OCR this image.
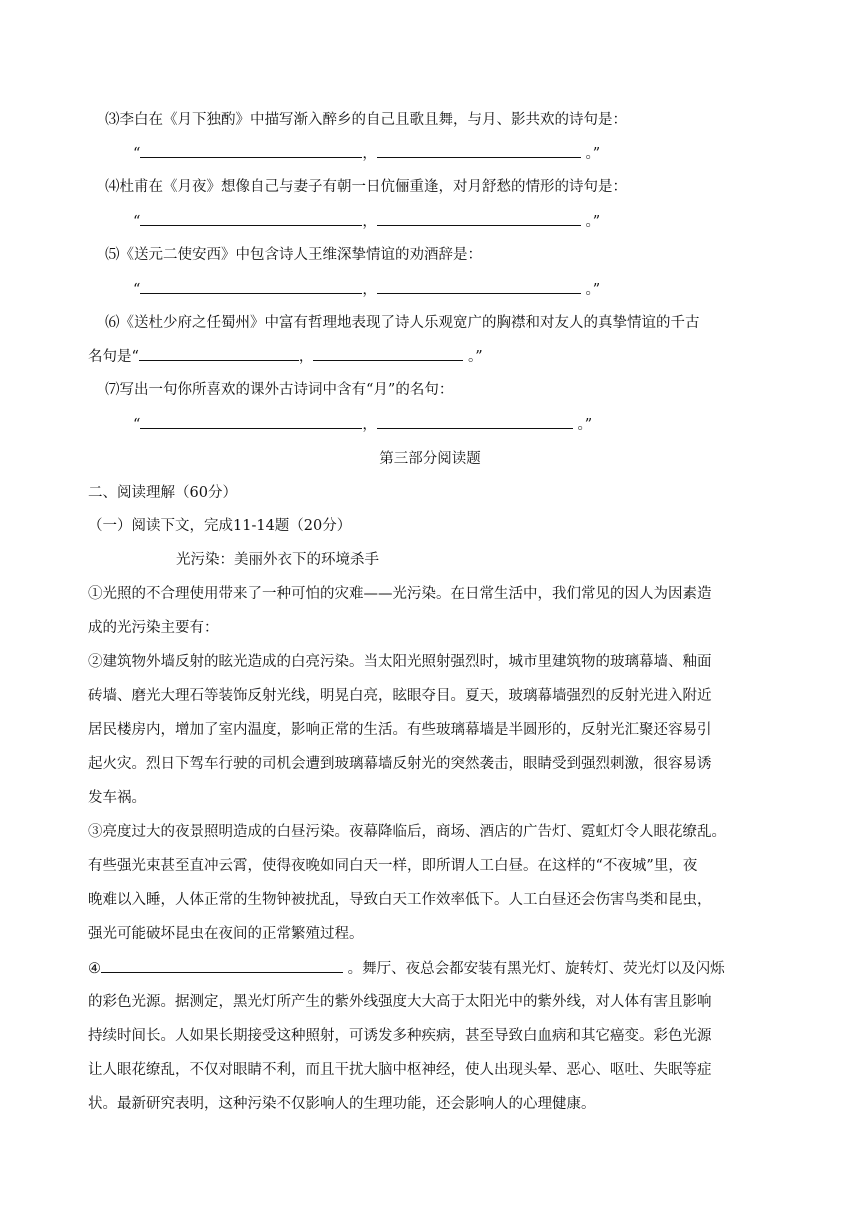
⑶李白在《月下独酌》中描写渐入醉乡的自己且歌且舞，与月、影共欢的诗句是：
“	，	。”
⑷杜甫在《月夜》想像自己与妻子有朝一日伉俪重逢，对月舒愁的情形的诗句是：
“	，	。”
⑸《送元二使安西》中包含诗人王维深挚情谊的劝酒辞是：
“	，	。”
⑹《送杜少府之任蜀州》中富有哲理地表现了诗人乐观宽广的胸襟和对友人的真挚情谊的千古
名句是“	，	。”
⑺写出一句你所喜欢的课外古诗词中含有“月”的名句：
“	，	。”
第三部分阅读题
二、阅读理解（60分）
（一）阅读下文，完成11-14题（20分）
光污染：美丽外衣下的环境杀手
①光照的不合理使用带来了一种可怕的灾难——光污染。在日常生活中，我们常见的因人为因素造
成的光污染主要有：
②建筑物外墙反射的眩光造成的白亮污染。当太阳光照射强烈时，城市里建筑物的玻璃幕墙、釉面
砖墙、磨光大理石等装饰反射光线，明晃白亮，眩眼夺目。夏天，玻璃幕墙强烈的反射光进入附近
居民楼房内，增加了室内温度，影响正常的生活。有些玻璃幕墙是半圆形的，反射光汇聚还容易引
起火灾。烈日下驾车行驶的司机会遭到玻璃幕墙反射光的突然袭击，眼睛受到强烈刺激，很容易诱
发车祸。
③亮度过大的夜景照明造成的白昼污染。夜幕降临后，商场、酒店的广告灯、霓虹灯令人眼花缭乱。
有些强光束甚至直冲云霄，使得夜晚如同白天一样，即所谓人工白昼。在这样的“不夜城”里，夜
晚难以入睡，人体正常的生物钟被扰乱，导致白天工作效率低下。人工白昼还会伤害鸟类和昆虫，
强光可能破坏昆虫在夜间的正常繁殖过程。
④	。舞厅、夜总会都安装有黑光灯、旋转灯、荧光灯以及闪烁
的彩色光源。据测定，黑光灯所产生的紫外线强度大大高于太阳光中的紫外线，对人体有害且影响
持续时间长。人如果长期接受这种照射，可诱发多种疾病，甚至导致白血病和其它癌变。彩色光源
让人眼花缭乱，不仅对眼睛不利，而且干扰大脑中枢神经，使人出现头晕、恶心、呕吐、失眠等症
状。最新研究表明，这种污染不仅影响人的生理功能，还会影响人的心理健康。
